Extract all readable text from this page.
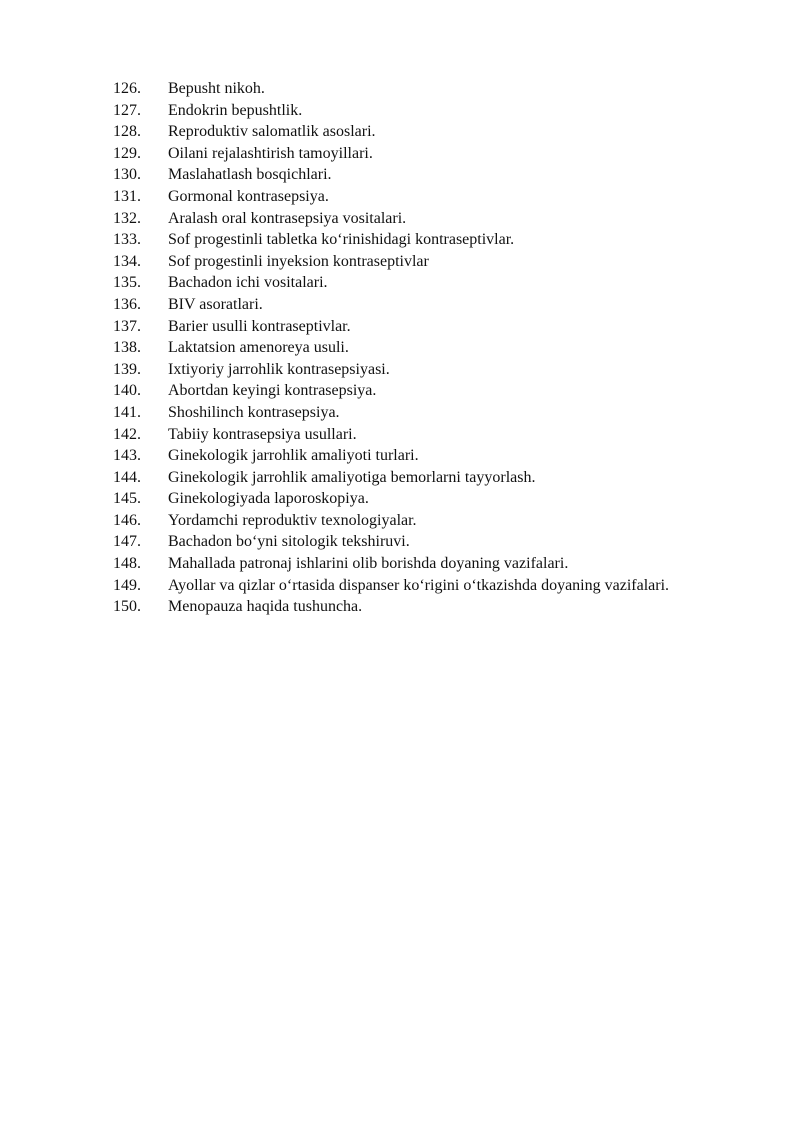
126.	Bepusht nikoh.
127.	Endokrin bepushtlik.
128.	Reproduktiv salomatlik asoslari.
129.	Oilani rejalashtirish tamoyillari.
130.	Maslahatlash bosqichlari.
131.	Gormonal kontrasepsiya.
132.	Aralash oral kontrasepsiya vositalari.
133.	Sof progestinli tabletka ko‘rinishidagi kontraseptivlar.
134.	Sof progestinli inyeksion kontraseptivlar
135.	Bachadon ichi vositalari.
136.	BIV asoratlari.
137.	Barier usulli kontraseptivlar.
138.	Laktatsion amenoreya usuli.
139.	Ixtiyoriy jarrohlik kontrasepsiyasi.
140.	Abortdan keyingi kontrasepsiya.
141.	Shoshilinch kontrasepsiya.
142.	Tabiiy kontrasepsiya usullari.
143.	Ginekologik jarrohlik amaliyoti turlari.
144.	Ginekologik jarrohlik amaliyotiga bemorlarni tayyorlash.
145.	Ginekologiyada laporoskopiya.
146.	Yordamchi reproduktiv texnologiyalar.
147.	Bachadon bo‘yni sitologik tekshiruvi.
148.	Mahallada patronaj ishlarini olib borishda doyaning vazifalari.
149.	Ayollar va qizlar o‘rtasida dispanser ko‘rigini o‘tkazishda doyaning vazifalari.
150.	Menopauza haqida tushuncha.
